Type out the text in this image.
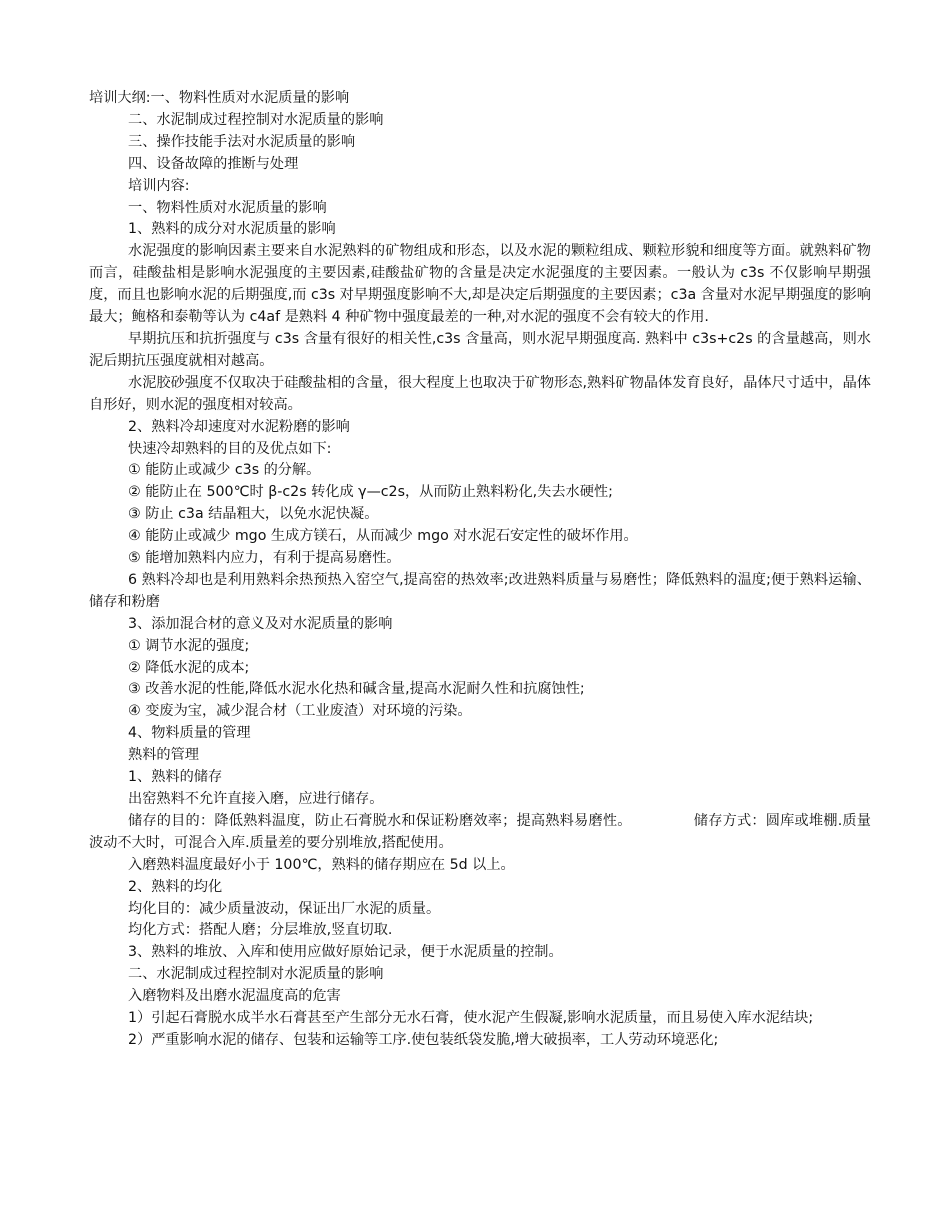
培训大纲:一、物料性质对水泥质量的影响

二、水泥制成过程控制对水泥质量的影响

三、操作技能手法对水泥质量的影响

四、设备故障的推断与处理

培训内容:

一、物料性质对水泥质量的影响

1、熟料的成分对水泥质量的影响

水泥强度的影响因素主要来自水泥熟料的矿物组成和形态，以及水泥的颗粒组成、颗粒形貌和细度等方面。就熟料矿物而言，硅酸盐相是影响水泥强度的主要因素,硅酸盐矿物的含量是决定水泥强度的主要因素。一般认为 c3s 不仅影响早期强度，而且也影响水泥的后期强度,而 c3s 对早期强度影响不大,却是决定后期强度的主要因素；c3a 含量对水泥早期强度的影响最大；鲍格和泰勒等认为 c4af 是熟料 4 种矿物中强度最差的一种,对水泥的强度不会有较大的作用.

早期抗压和抗折强度与 c3s 含量有很好的相关性,c3s 含量高，则水泥早期强度高. 熟料中 c3s+c2s 的含量越高，则水泥后期抗压强度就相对越高。

水泥胶砂强度不仅取决于硅酸盐相的含量，很大程度上也取决于矿物形态,熟料矿物晶体发育良好，晶体尺寸适中，晶体自形好，则水泥的强度相对较高。

2、熟料冷却速度对水泥粉磨的影响

快速冷却熟料的目的及优点如下:

① 能防止或减少 c3s 的分解。

② 能防止在 500℃时 β-c2s 转化成 γ—c2s，从而防止熟料粉化,失去水硬性;

③ 防止 c3a 结晶粗大，以免水泥快凝。

④ 能防止或减少 mgo 生成方镁石，从而减少 mgo 对水泥石安定性的破坏作用。

⑤ 能增加熟料内应力，有利于提高易磨性。

6 熟料冷却也是利用熟料余热预热入窑空气,提高窑的热效率;改进熟料质量与易磨性；降低熟料的温度;便于熟料运输、储存和粉磨

3、添加混合材的意义及对水泥质量的影响

① 调节水泥的强度;

② 降低水泥的成本;

③ 改善水泥的性能,降低水泥水化热和碱含量,提高水泥耐久性和抗腐蚀性;

④ 变废为宝，减少混合材（工业废渣）对环境的污染。

4、物料质量的管理

熟料的管理

1、熟料的储存

出窑熟料不允许直接入磨，应进行储存。

储存的目的：降低熟料温度，防止石膏脱水和保证粉磨效率；提高熟料易磨性。	储存方式：圆库或堆棚.质量波动不大时，可混合入库.质量差的要分别堆放,搭配使用。

入磨熟料温度最好小于 100℃，熟料的储存期应在 5d 以上。

2、熟料的均化

均化目的：减少质量波动，保证出厂水泥的质量。

均化方式：搭配人磨；分层堆放,竖直切取.

3、熟料的堆放、入库和使用应做好原始记录，便于水泥质量的控制。

二、水泥制成过程控制对水泥质量的影响

入磨物料及出磨水泥温度高的危害

1）引起石膏脱水成半水石膏甚至产生部分无水石膏，使水泥产生假凝,影响水泥质量，而且易使入库水泥结块;

2）严重影响水泥的储存、包装和运输等工序.使包装纸袋发脆,增大破损率，工人劳动环境恶化;
